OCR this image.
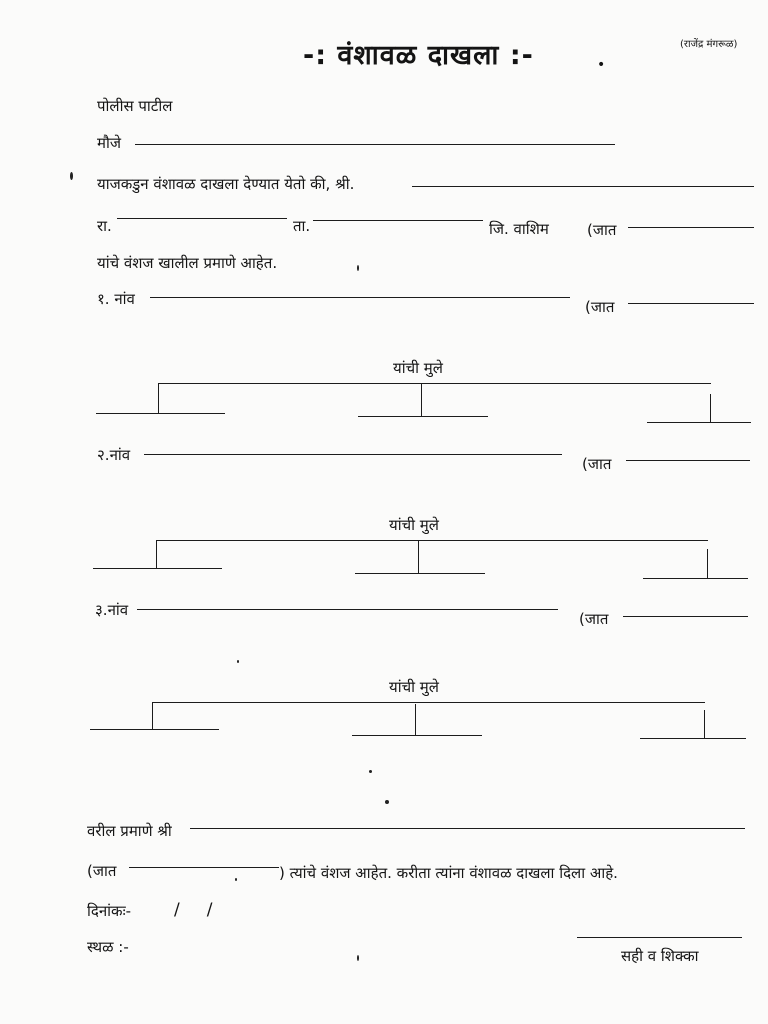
-: वंशावळ दाखला :-	•
(राजेंद्र मंगरूळ)
पोलीस पाटील
मौजे
याजकडुन वंशावळ दाखला देण्यात येतो की, श्री.
रा.	ता.	जि. वाशिम	(जात
यांचे वंशज खालील प्रमाणे आहेत.
१. नांव	(जात
यांची मुले
२.नांव	(जात
यांची मुले
३.नांव	(जात
यांची मुले
वरील प्रमाणे श्री
(जात	) त्यांचे वंशज आहेत. करीता त्यांना वंशावळ दाखला दिला आहे.
दिनांकः-	/     /
स्थळ :-	सही व शिक्का
